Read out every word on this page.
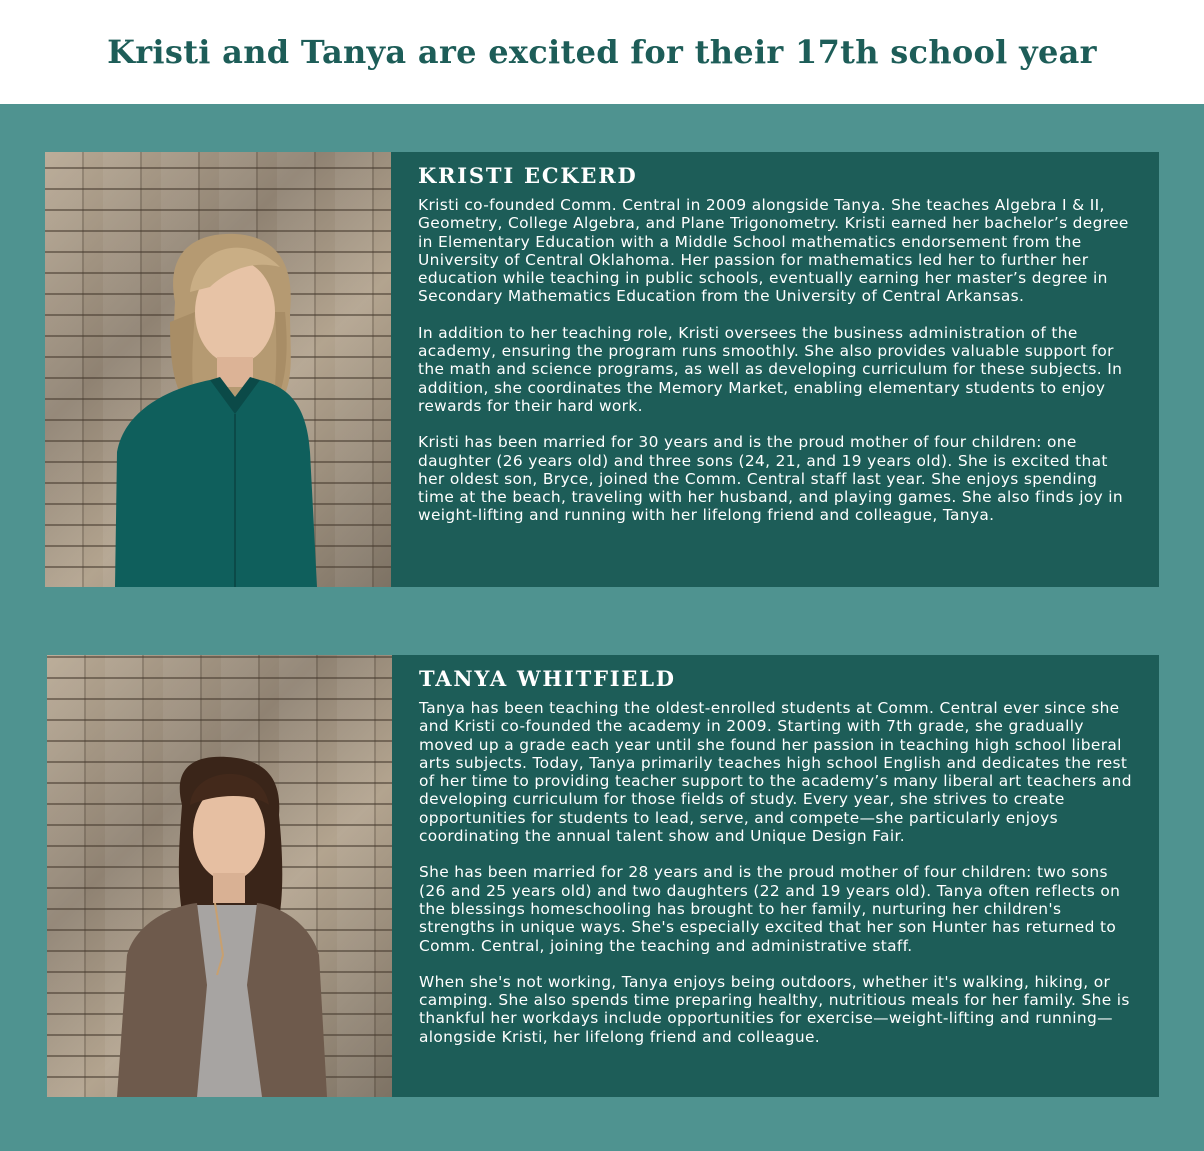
Kristi and Tanya are excited for their 17th school year
KRISTI ECKERD

Kristi co-founded Comm. Central in 2009 alongside Tanya. She teaches Algebra I & II, Geometry, College Algebra, and Plane Trigonometry. Kristi earned her bachelor’s degree in Elementary Education with a Middle School mathematics endorsement from the University of Central Oklahoma. Her passion for mathematics led her to further her education while teaching in public schools, eventually earning her master’s degree in Secondary Mathematics Education from the University of Central Arkansas.

In addition to her teaching role, Kristi oversees the business administration of the academy, ensuring the program runs smoothly. She also provides valuable support for the math and science programs, as well as developing curriculum for these subjects. In addition, she coordinates the Memory Market, enabling elementary students to enjoy rewards for their hard work.

Kristi has been married for 30 years and is the proud mother of four children: one daughter (26 years old) and three sons (24, 21, and 19 years old). She is excited that her oldest son, Bryce, joined the Comm. Central staff last year. She enjoys spending time at the beach, traveling with her husband, and playing games. She also finds joy in weight-lifting and running with her lifelong friend and colleague, Tanya.

TANYA WHITFIELD

Tanya has been teaching the oldest-enrolled students at Comm. Central ever since she and Kristi co-founded the academy in 2009. Starting with 7th grade, she gradually moved up a grade each year until she found her passion in teaching high school liberal arts subjects. Today, Tanya primarily teaches high school English and dedicates the rest of her time to providing teacher support to the academy’s many liberal art teachers and developing curriculum for those fields of study. Every year, she strives to create opportunities for students to lead, serve, and compete—she particularly enjoys coordinating the annual talent show and Unique Design Fair.

She has been married for 28 years and is the proud mother of four children: two sons (26 and 25 years old) and two daughters (22 and 19 years old). Tanya often reflects on the blessings homeschooling has brought to her family, nurturing her children's strengths in unique ways. She's especially excited that her son Hunter has returned to Comm. Central, joining the teaching and administrative staff.

When she's not working, Tanya enjoys being outdoors, whether it's walking, hiking, or camping. She also spends time preparing healthy, nutritious meals for her family. She is thankful her workdays include opportunities for exercise—weight-lifting and running—alongside Kristi, her lifelong friend and colleague.
